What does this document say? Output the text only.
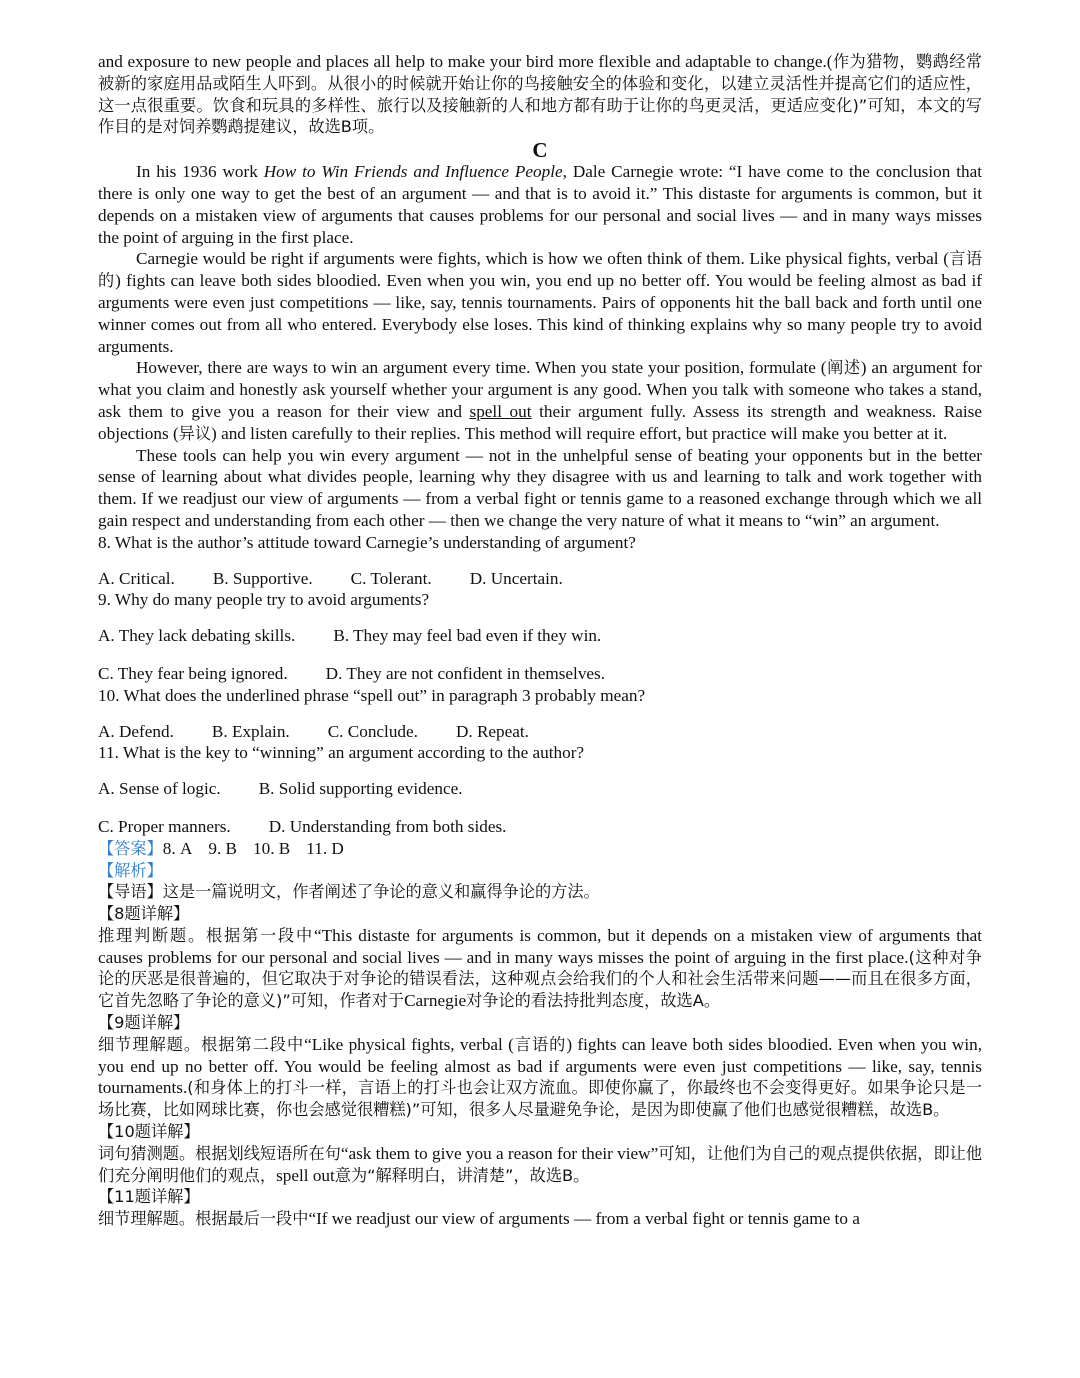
and exposure to new people and places all help to make your bird more flexible and adaptable to change.(作为猎物，鹦鹉经常被新的家庭用品或陌生人吓到。从很小的时候就开始让你的鸟接触安全的体验和变化，以建立灵活性并提高它们的适应性，这一点很重要。饮食和玩具的多样性、旅行以及接触新的人和地方都有助于让你的鸟更灵活，更适应变化)”可知，本文的写作目的是对饲养鹦鹉提建议，故选B项。

C

In his 1936 work How to Win Friends and Influence People, Dale Carnegie wrote: “I have come to the conclusion that there is only one way to get the best of an argument — and that is to avoid it.” This distaste for arguments is common, but it depends on a mistaken view of arguments that causes problems for our personal and social lives — and in many ways misses the point of arguing in the first place.

Carnegie would be right if arguments were fights, which is how we often think of them. Like physical fights, verbal (言语的) fights can leave both sides bloodied. Even when you win, you end up no better off. You would be feeling almost as bad if arguments were even just competitions — like, say, tennis tournaments. Pairs of opponents hit the ball back and forth until one winner comes out from all who entered. Everybody else loses. This kind of thinking explains why so many people try to avoid arguments.

However, there are ways to win an argument every time. When you state your position, formulate (阐述) an argument for what you claim and honestly ask yourself whether your argument is any good. When you talk with someone who takes a stand, ask them to give you a reason for their view and spell out their argument fully. Assess its strength and weakness. Raise objections (异议) and listen carefully to their replies. This method will require effort, but practice will make you better at it.

These tools can help you win every argument — not in the unhelpful sense of beating your opponents but in the better sense of learning about what divides people, learning why they disagree with us and learning to talk and work together with them. If we readjust our view of arguments — from a verbal fight or tennis game to a reasoned exchange through which we all gain respect and understanding from each other — then we change the very nature of what it means to “win” an argument.

8. What is the author’s attitude toward Carnegie’s understanding of argument?

A. Critical. B. Supportive. C. Tolerant. D. Uncertain.

9. Why do many people try to avoid arguments?

A. They lack debating skills. B. They may feel bad even if they win.

C. They fear being ignored. D. They are not confident in themselves.

10. What does the underlined phrase “spell out” in paragraph 3 probably mean?

A. Defend. B. Explain. C. Conclude. D. Repeat.

11. What is the key to “winning” an argument according to the author?

A. Sense of logic. B. Solid supporting evidence.

C. Proper manners. D. Understanding from both sides.

【答案】8. A 9. B 10. B 11. D

【解析】

【导语】这是一篇说明文，作者阐述了争论的意义和赢得争论的方法。

【8题详解】

推理判断题。根据第一段中“This distaste for arguments is common, but it depends on a mistaken view of arguments that causes problems for our personal and social lives — and in many ways misses the point of arguing in the first place.(这种对争论的厌恶是很普遍的，但它取决于对争论的错误看法，这种观点会给我们的个人和社会生活带来问题——而且在很多方面，它首先忽略了争论的意义)”可知，作者对于Carnegie对争论的看法持批判态度，故选A。

【9题详解】

细节理解题。根据第二段中“Like physical fights, verbal (言语的) fights can leave both sides bloodied. Even when you win, you end up no better off. You would be feeling almost as bad if arguments were even just competitions — like, say, tennis tournaments.(和身体上的打斗一样，言语上的打斗也会让双方流血。即使你赢了，你最终也不会变得更好。如果争论只是一场比赛，比如网球比赛，你也会感觉很糟糕)”可知，很多人尽量避免争论，是因为即使赢了他们也感觉很糟糕，故选B。

【10题详解】

词句猜测题。根据划线短语所在句“ask them to give you a reason for their view”可知，让他们为自己的观点提供依据，即让他们充分阐明他们的观点，spell out意为“解释明白，讲清楚”，故选B。

【11题详解】

细节理解题。根据最后一段中“If we readjust our view of arguments — from a verbal fight or tennis game to a
